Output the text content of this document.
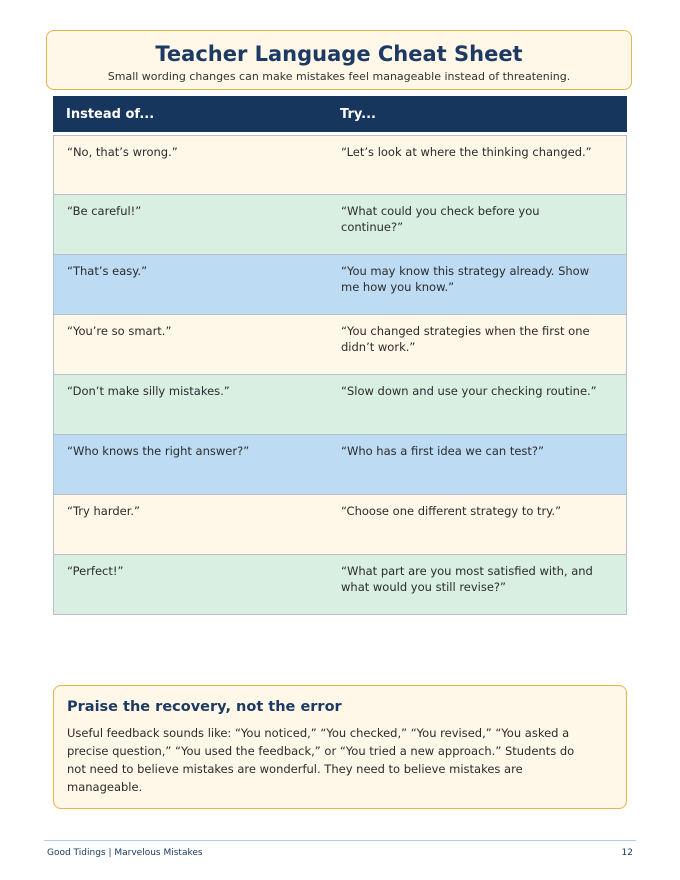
Teacher Language Cheat Sheet
Small wording changes can make mistakes feel manageable instead of threatening.
Instead of...	Try...
“No, that’s wrong.”	“Let’s look at where the thinking changed.”
“Be careful!”	“What could you check before you continue?”
“That’s easy.”	“You may know this strategy already. Show me how you know.”
“You’re so smart.”	“You changed strategies when the first one didn’t work.”
“Don’t make silly mistakes.”	“Slow down and use your checking routine.”
“Who knows the right answer?”	“Who has a first idea we can test?”
“Try harder.”	“Choose one different strategy to try.”
“Perfect!”	“What part are you most satisfied with, and what would you still revise?”
Praise the recovery, not the error
Useful feedback sounds like: “You noticed,” “You checked,” “You revised,” “You asked a precise question,” “You used the feedback,” or “You tried a new approach.” Students do not need to believe mistakes are wonderful. They need to believe mistakes are manageable.
Good Tidings | Marvelous Mistakes	12
